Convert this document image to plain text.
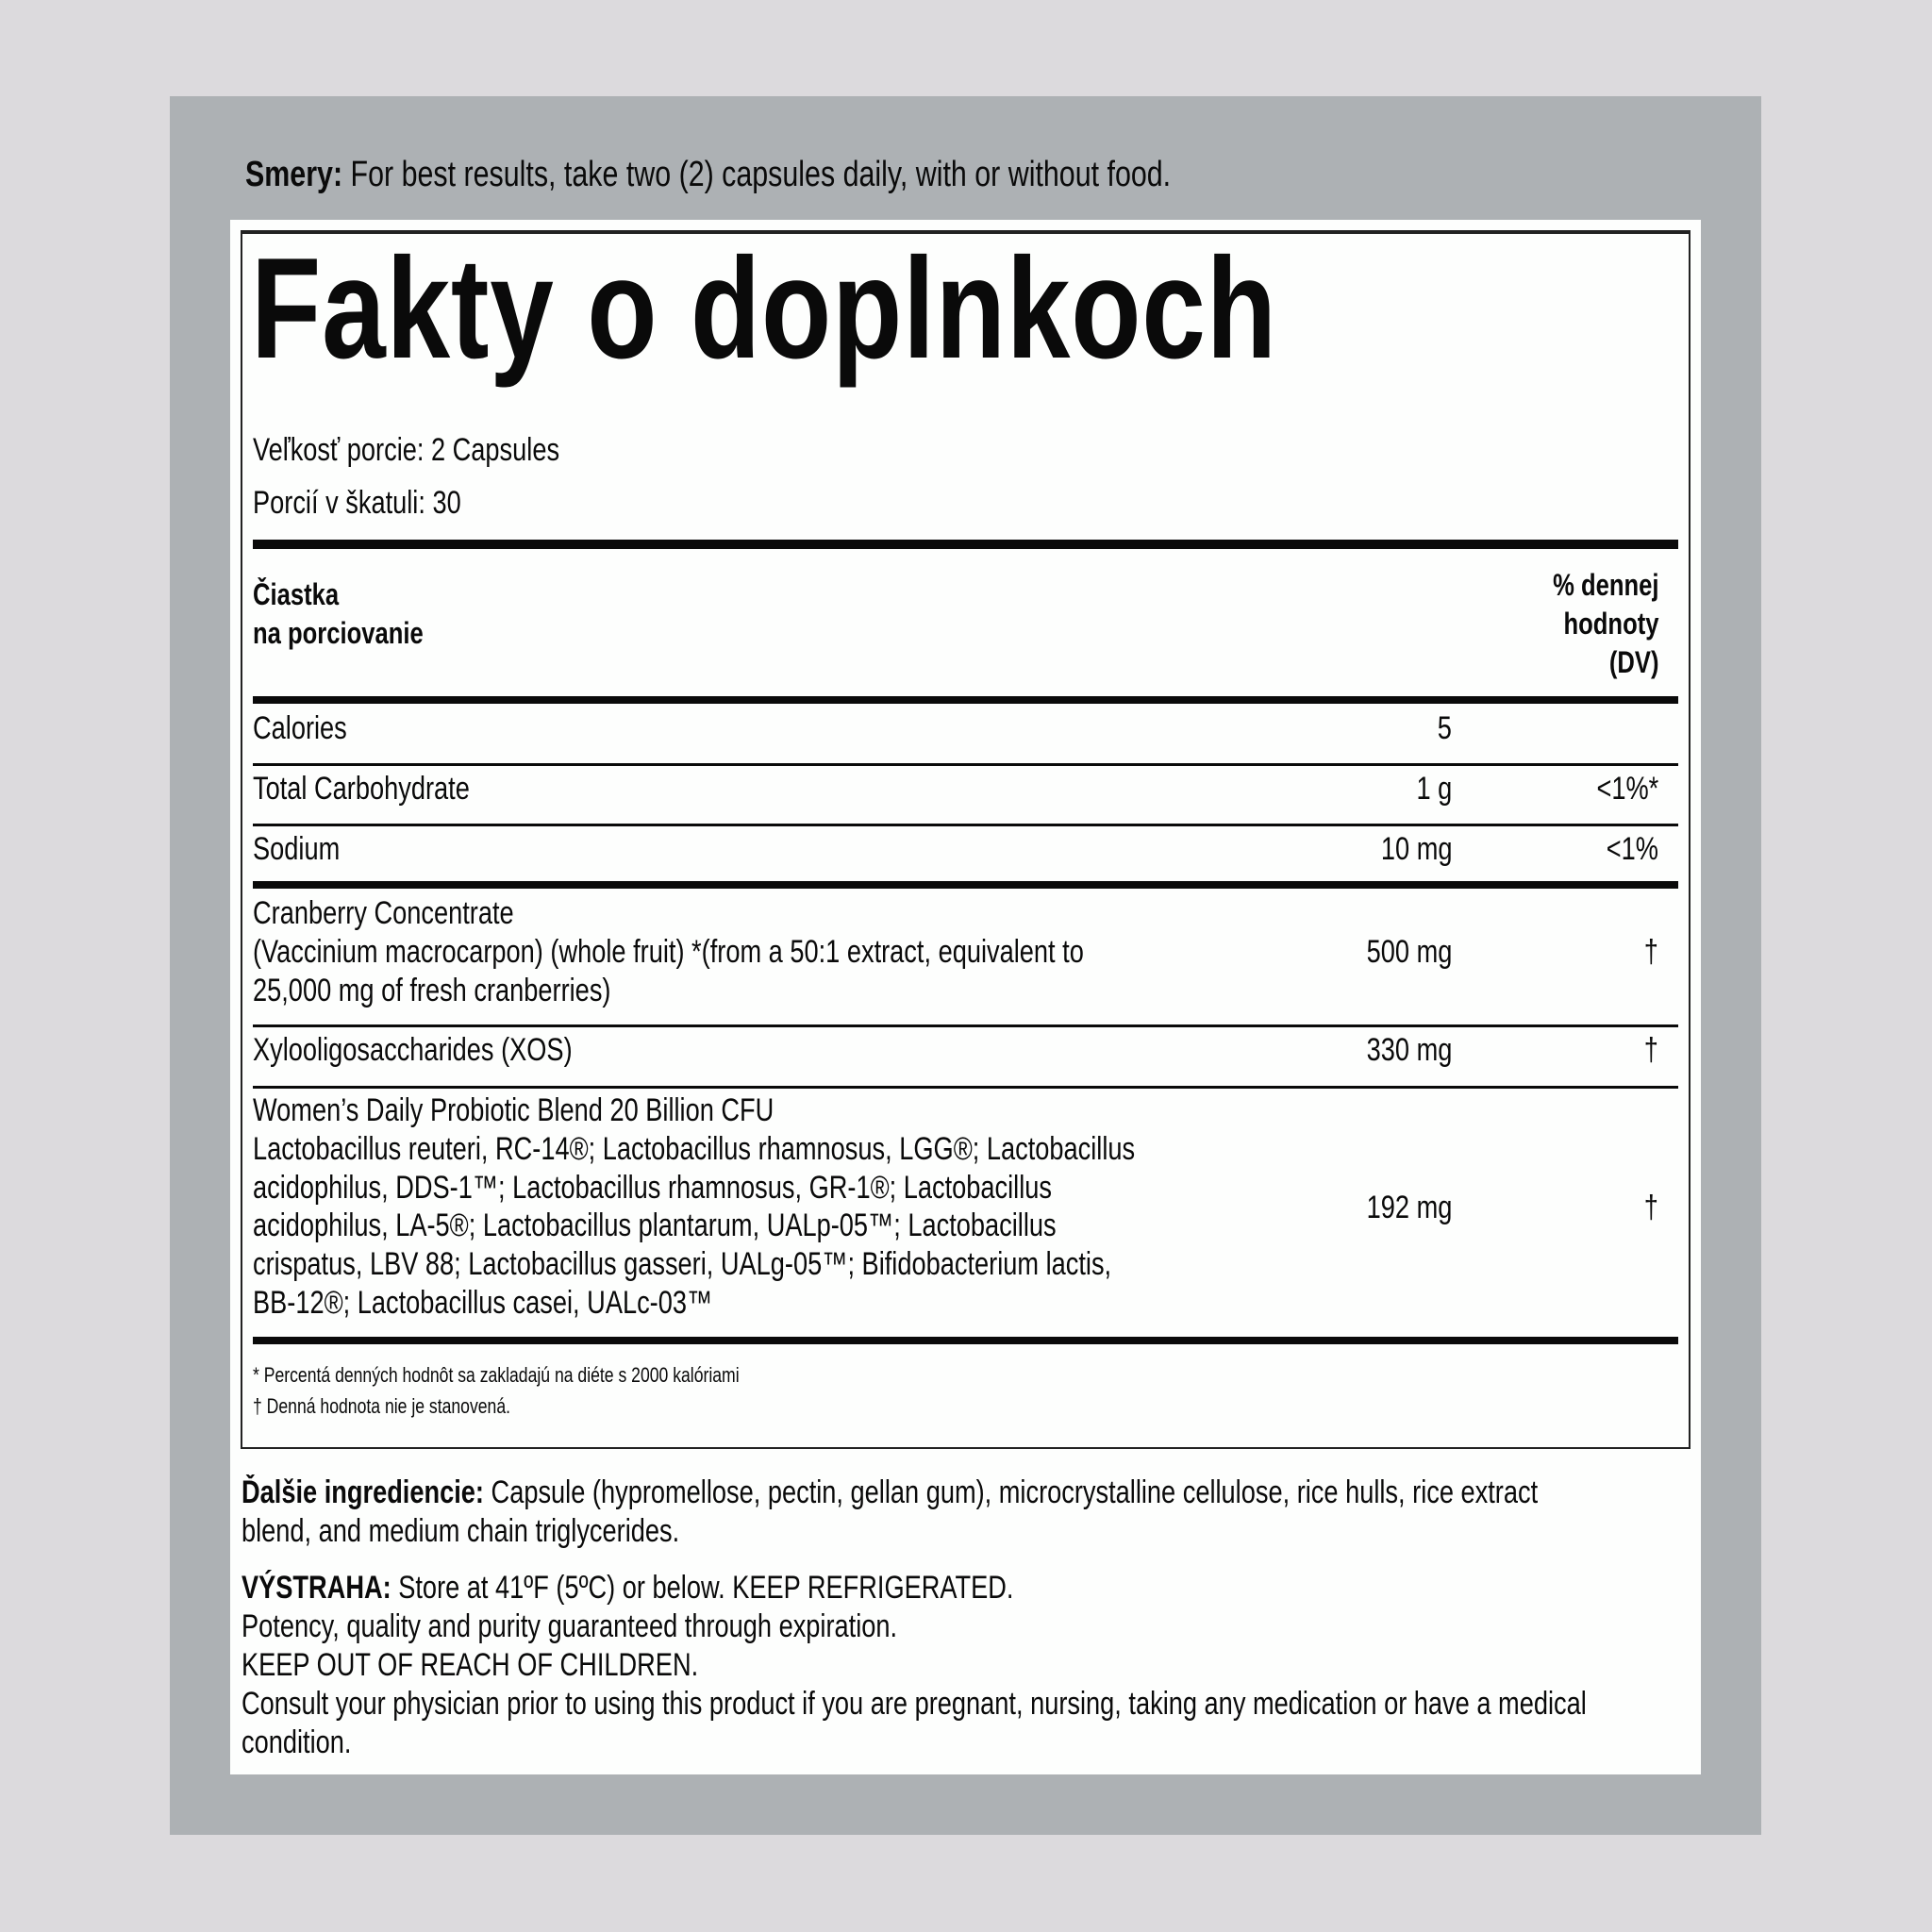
Smery: For best results, take two (2) capsules daily, with or without food.
Fakty o doplnkoch
Veľkosť porcie: 2 Capsules
Porcií v škatuli: 30
Čiastka
na porciovanie
% dennej
hodnoty
(DV)
Calories	5
Total Carbohydrate	1 g	<1%*
Sodium	10 mg	<1%
Cranberry Concentrate
(Vaccinium macrocarpon) (whole fruit) *(from a 50:1 extract, equivalent to
25,000 mg of fresh cranberries)
500 mg	†
Xylooligosaccharides (XOS)	330 mg	†
Women’s Daily Probiotic Blend 20 Billion CFU
Lactobacillus reuteri, RC-14®; Lactobacillus rhamnosus, LGG®; Lactobacillus
acidophilus, DDS-1™; Lactobacillus rhamnosus, GR-1®; Lactobacillus
acidophilus, LA-5®; Lactobacillus plantarum, UALp-05™; Lactobacillus
crispatus, LBV 88; Lactobacillus gasseri, UALg-05™; Bifidobacterium lactis,
BB-12®; Lactobacillus casei, UALc-03™
192 mg	†
* Percentá denných hodnôt sa zakladajú na diéte s 2000 kalóriami
† Denná hodnota nie je stanovená.
Ďalšie ingrediencie: Capsule (hypromellose, pectin, gellan gum), microcrystalline cellulose, rice hulls, rice extract
blend, and medium chain triglycerides.
VÝSTRAHA: Store at 41ºF (5ºC) or below. KEEP REFRIGERATED.
Potency, quality and purity guaranteed through expiration.
KEEP OUT OF REACH OF CHILDREN.
Consult your physician prior to using this product if you are pregnant, nursing, taking any medication or have a medical
condition.
